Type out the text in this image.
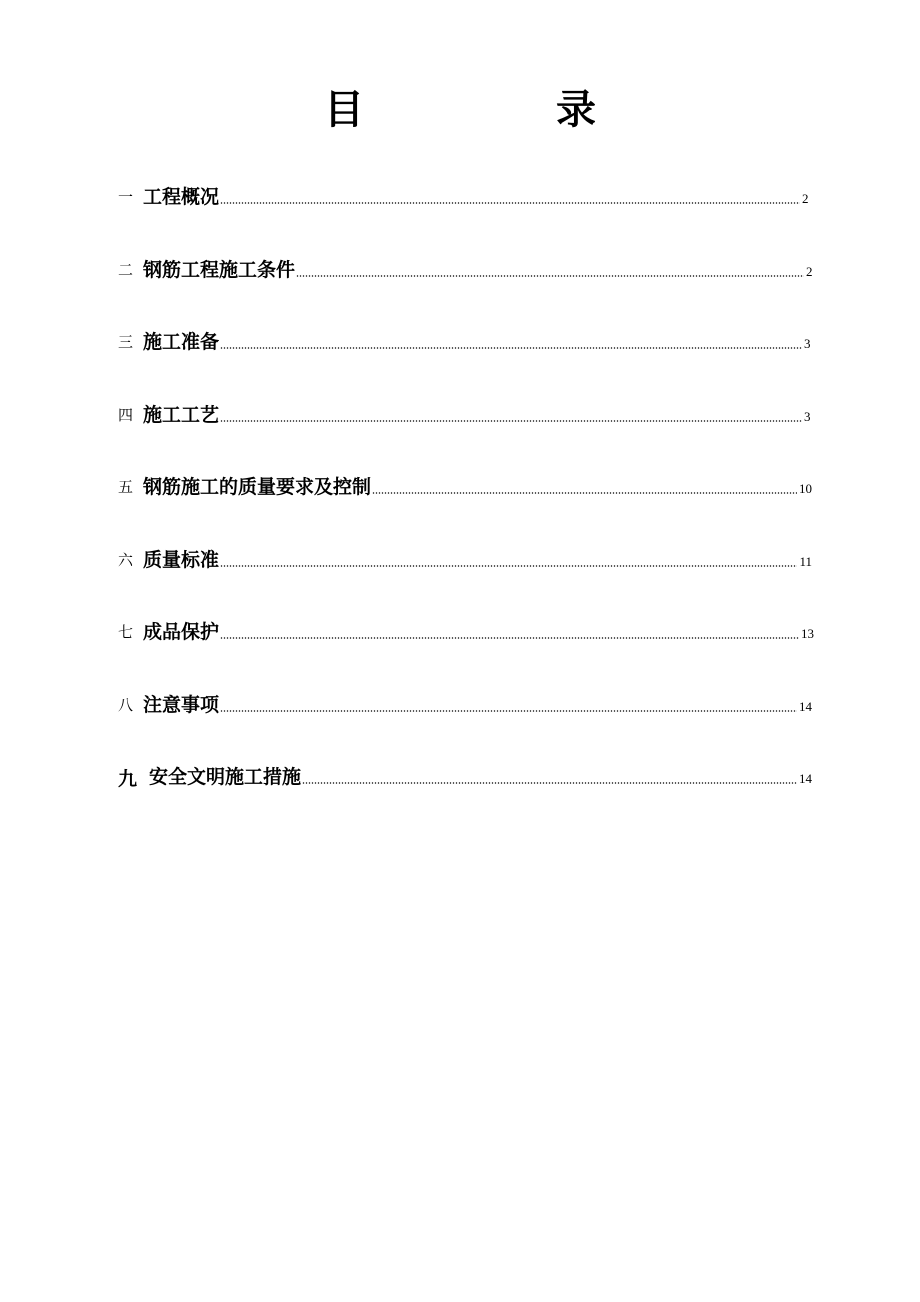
目　录
一 工程概况	2
二 钢筋工程施工条件	2
三 施工准备	3
四 施工工艺	3
五 钢筋施工的质量要求及控制	10
六 质量标准	11
七 成品保护	13
八 注意事项	14
九 安全文明施工措施	14
